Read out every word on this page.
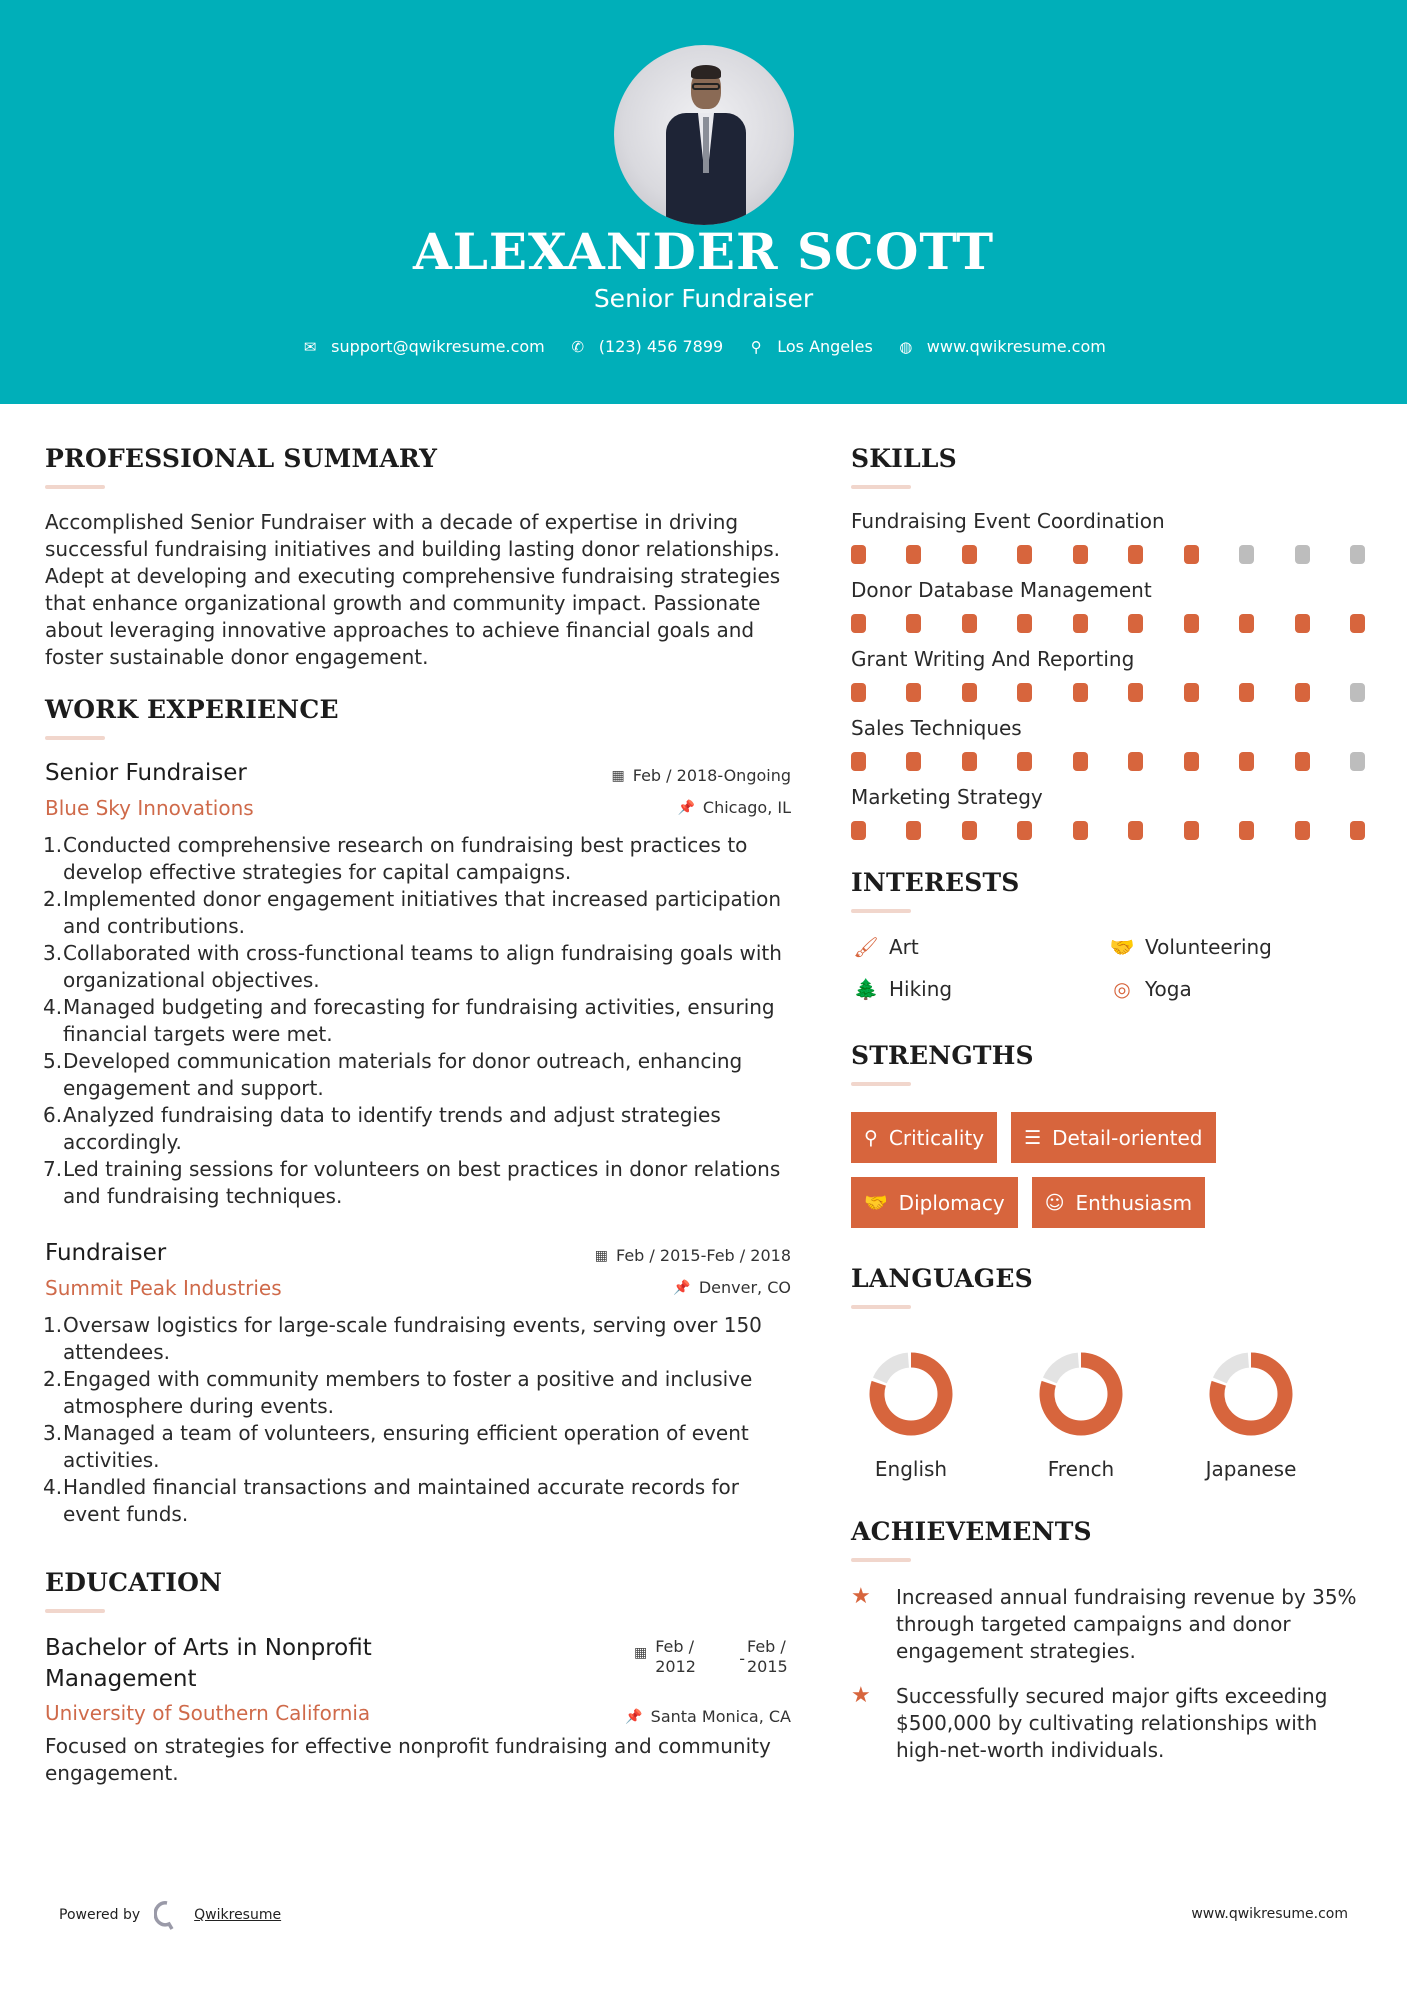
ALEXANDER SCOTT
Senior Fundraiser
✉ support@qwikresume.com ✆ (123) 456 7899 ⚲ Los Angeles ◍ www.qwikresume.com
PROFESSIONAL SUMMARY
Accomplished Senior Fundraiser with a decade of expertise in driving successful fundraising initiatives and building lasting donor relationships. Adept at developing and executing comprehensive fundraising strategies that enhance organizational growth and community impact. Passionate about leveraging innovative approaches to achieve financial goals and foster sustainable donor engagement.
WORK EXPERIENCE
Senior Fundraiser	▦ Feb / 2018-Ongoing
Blue Sky Innovations	📌 Chicago, IL
1. Conducted comprehensive research on fundraising best practices to develop effective strategies for capital campaigns.
2. Implemented donor engagement initiatives that increased participation and contributions.
3. Collaborated with cross-functional teams to align fundraising goals with organizational objectives.
4. Managed budgeting and forecasting for fundraising activities, ensuring financial targets were met.
5. Developed communication materials for donor outreach, enhancing engagement and support.
6. Analyzed fundraising data to identify trends and adjust strategies accordingly.
7. Led training sessions for volunteers on best practices in donor relations and fundraising techniques.
Fundraiser	▦ Feb / 2015-Feb / 2018
Summit Peak Industries	📌 Denver, CO
1. Oversaw logistics for large-scale fundraising events, serving over 150 attendees.
2. Engaged with community members to foster a positive and inclusive atmosphere during events.
3. Managed a team of volunteers, ensuring efficient operation of event activities.
4. Handled financial transactions and maintained accurate records for event funds.
EDUCATION
Bachelor of Arts in Nonprofit
Management
▦ Feb / 2012	-
Feb / 2015
University of Southern California	📌 Santa Monica, CA
Focused on strategies for effective nonprofit fundraising and community engagement.
SKILLS
Fundraising Event Coordination
Donor Database Management
Grant Writing And Reporting
Sales Techniques
Marketing Strategy
INTERESTS
🖌 Art	🤝 Volunteering
🌲 Hiking	◎ Yoga
STRENGTHS
⚲ Criticality ☰ Detail-oriented
🤝 Diplomacy ☺ Enthusiasm
LANGUAGES
English	French	Japanese
ACHIEVEMENTS
★	Increased annual fundraising revenue by 35% through targeted campaigns and donor engagement strategies.
★	Successfully secured major gifts exceeding $500,000 by cultivating relationships with high-net-worth individuals.
Powered by	Qwikresume	www.qwikresume.com
